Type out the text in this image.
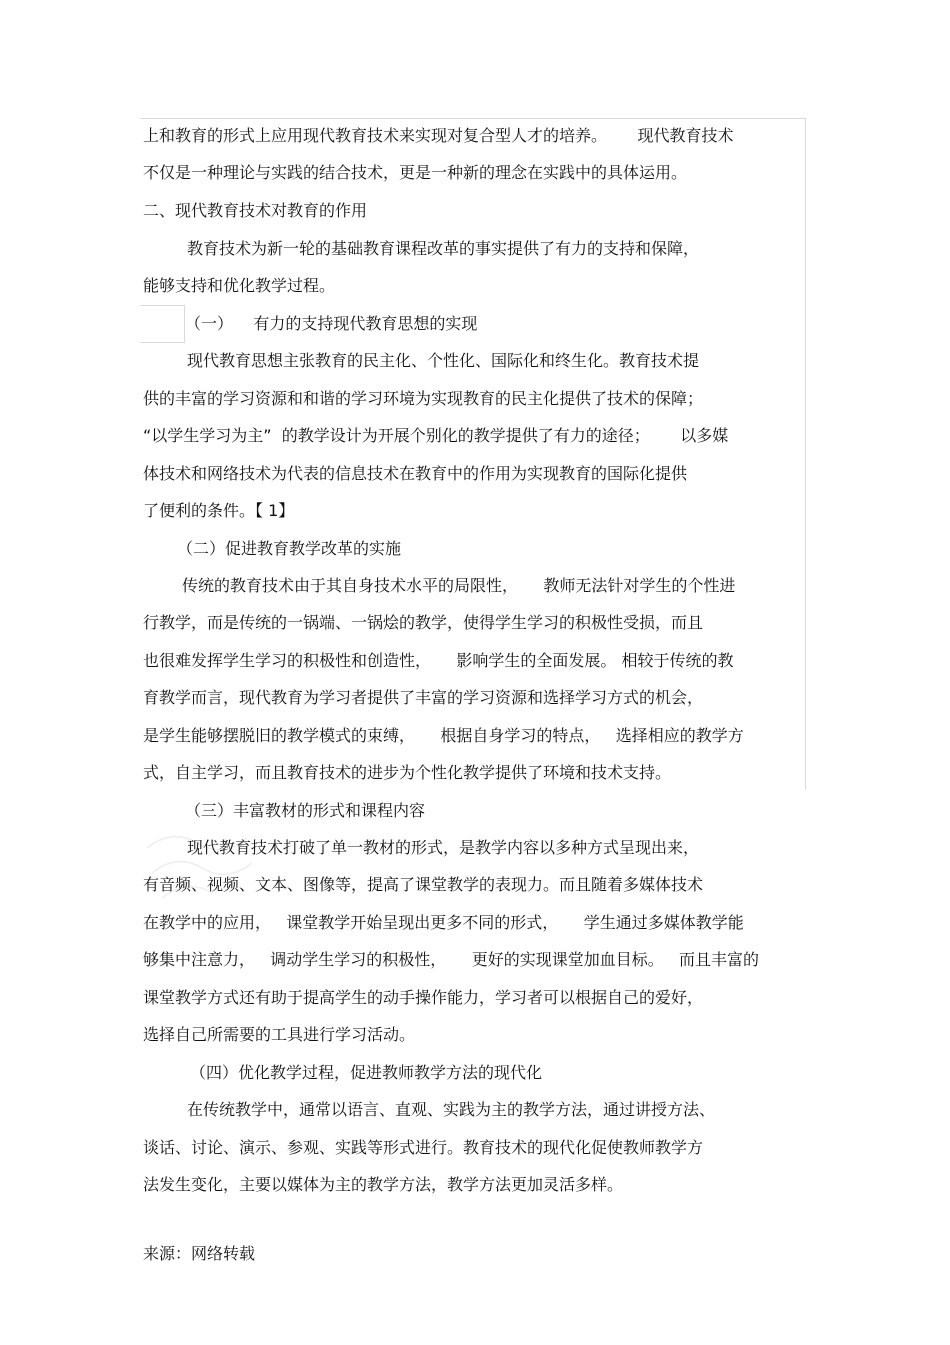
上和教育的形式上应用现代教育技术来实现对复合型人才的培养。      现代教育技术
不仅是一种理论与实践的结合技术，更是一种新的理念在实践中的具体运用。
二、现代教育技术对教育的作用
教育技术为新一轮的基础教育课程改革的事实提供了有力的支持和保障，
能够支持和优化教学过程。
（一）    有力的支持现代教育思想的实现
现代教育思想主张教育的民主化、个性化、国际化和终生化。教育技术提
供的丰富的学习资源和和谐的学习环境为实现教育的民主化提供了技术的保障；
“以学生学习为主”  的教学设计为开展个别化的教学提供了有力的途径；      以多媒
体技术和网络技术为代表的信息技术在教育中的作用为实现教育的国际化提供
了便利的条件。【 1】
（二）促进教育教学改革的实施
传统的教育技术由于其自身技术水平的局限性，     教师无法针对学生的个性进
行教学，而是传统的一锅端、一锅烩的教学，使得学生学习的积极性受损，而且
也很难发挥学生学习的积极性和创造性，     影响学生的全面发展。 相较于传统的教
育教学而言，现代教育为学习者提供了丰富的学习资源和选择学习方式的机会，
是学生能够摆脱旧的教学模式的束缚，     根据自身学习的特点，   选择相应的教学方
式，自主学习，而且教育技术的进步为个性化教学提供了环境和技术支持。
（三）丰富教材的形式和课程内容
现代教育技术打破了单一教材的形式，是教学内容以多种方式呈现出来，
有音频、视频、文本、图像等，提高了课堂教学的表现力。而且随着多媒体技术
在教学中的应用，   课堂教学开始呈现出更多不同的形式，     学生通过多媒体教学能
够集中注意力，   调动学生学习的积极性，     更好的实现课堂加血目标。   而且丰富的
课堂教学方式还有助于提高学生的动手操作能力，学习者可以根据自己的爱好，
选择自己所需要的工具进行学习活动。
（四）优化教学过程，促进教师教学方法的现代化
在传统教学中，通常以语言、直观、实践为主的教学方法，通过讲授方法、
谈话、讨论、演示、参观、实践等形式进行。教育技术的现代化促使教师教学方
法发生变化，主要以媒体为主的教学方法，教学方法更加灵活多样。
来源：网络转载
